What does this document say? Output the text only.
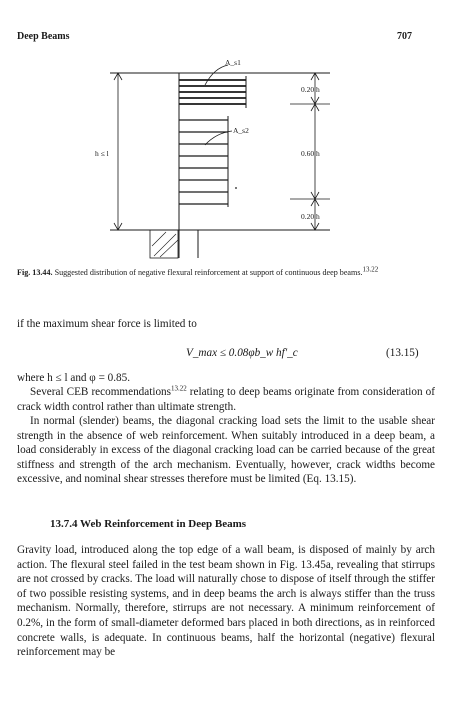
Deep Beams	707
A_s1
A_s2
h ≤ l
0.20 h
0.60 h
0.20 h
Fig. 13.44. Suggested distribution of negative flexural reinforcement at support of continuous deep beams.$^{13.22}$
if the maximum shear force is limited to
V_max ≤ 0.08φb_w hf′_c	(13.15)
where h ≤ l and φ = 0.85.
Several CEB recommendations$^{13.22}$ relating to deep beams originate from consideration of crack width control rather than ultimate strength.
In normal (slender) beams, the diagonal cracking load sets the limit to the usable shear strength in the absence of web reinforcement. When suitably introduced in a deep beam, a load considerably in excess of the diagonal cracking load can be carried because of the great stiffness and strength of the arch mechanism. Eventually, however, crack widths become excessive, and nominal shear stresses therefore must be limited (Eq. 13.15).
13.7.4 Web Reinforcement in Deep Beams
Gravity load, introduced along the top edge of a wall beam, is disposed of mainly by arch action. The flexural steel failed in the test beam shown in Fig. 13.45a, revealing that stirrups are not crossed by cracks. The load will naturally chose to dispose of itself through the stiffer of two possible resisting systems, and in deep beams the arch is always stiffer than the truss mechanism. Normally, therefore, stirrups are not necessary. A minimum reinforcement of 0.2%, in the form of small-diameter deformed bars placed in both directions, as in reinforced concrete walls, is adequate. In continuous beams, half the horizontal (negative) flexural reinforcement may be
